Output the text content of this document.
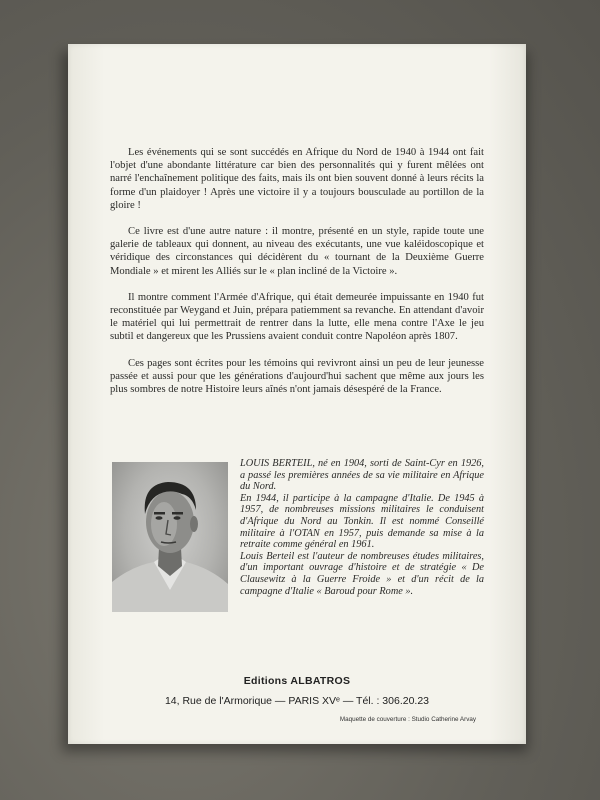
Les événements qui se sont succédés en Afrique du Nord de 1940 à 1944 ont fait l'objet d'une abondante littérature car bien des personnalités qui y furent mêlées ont narré l'enchaînement politique des faits, mais ils ont bien souvent donné à leurs récits la forme d'un plaidoyer ! Après une victoire il y a toujours bousculade au portillon de la gloire !

Ce livre est d'une autre nature : il montre, présenté en un style, rapide toute une galerie de tableaux qui donnent, au niveau des exécutants, une vue kaléidoscopique et véridique des circonstances qui décidèrent du « tournant de la Deuxième Guerre Mondiale » et mirent les Alliés sur le « plan incliné de la Victoire ».

Il montre comment l'Armée d'Afrique, qui était demeurée impuissante en 1940 fut reconstituée par Weygand et Juin, prépara patiemment sa revanche. En attendant d'avoir le matériel qui lui permettrait de rentrer dans la lutte, elle mena contre l'Axe le jeu subtil et dangereux que les Prussiens avaient conduit contre Napoléon après 1807.

Ces pages sont écrites pour les témoins qui revivront ainsi un peu de leur jeunesse passée et aussi pour que les générations d'aujourd'hui sachent que même aux jours les plus sombres de notre Histoire leurs aînés n'ont jamais désespéré de la France.

LOUIS BERTEIL, né en 1904, sorti de Saint-Cyr en 1926, a passé les premières années de sa vie militaire en Afrique du Nord.

En 1944, il participe à la campagne d'Italie. De 1945 à 1957, de nombreuses missions militaires le conduisent d'Afrique du Nord au Tonkin. Il est nommé Conseillé militaire à l'OTAN en 1957, puis demande sa mise à la retraite comme général en 1961.

Louis Berteil est l'auteur de nombreuses études militaires, d'un important ouvrage d'histoire et de stratégie « De Clausewitz à la Guerre Froide » et d'un récit de la campagne d'Italie « Baroud pour Rome ».

Editions ALBATROS
14, Rue de l'Armorique — PARIS XVᵉ — Tél. : 306.20.23
Maquette de couverture : Studio Catherine Arvay
